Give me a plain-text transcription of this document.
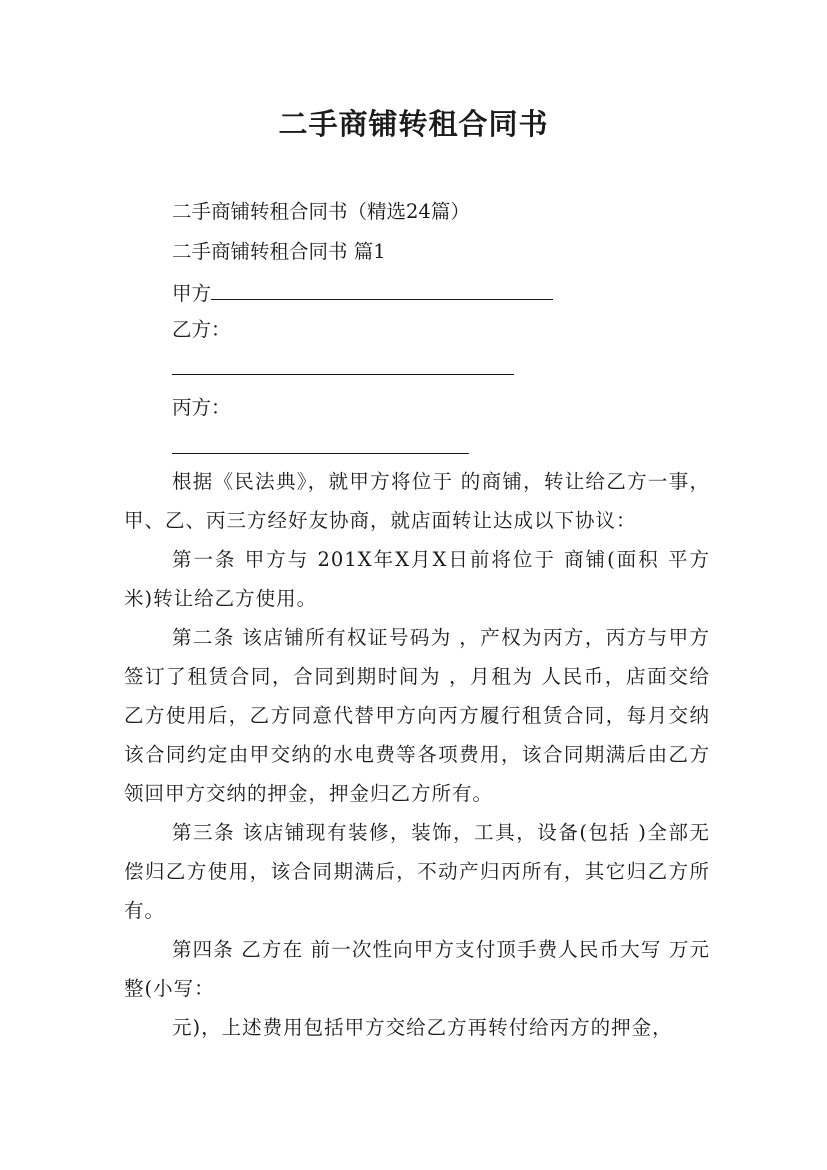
二手商铺转租合同书

二手商铺转租合同书（精选24篇）

二手商铺转租合同书 篇1

甲方

乙方：

丙方：

根据《民法典》，就甲方将位于 的商铺，转让给乙方一事，甲、乙、丙三方经好友协商，就店面转让达成以下协议：

第一条 甲方与 201X年X月X日前将位于 商铺(面积 平方米)转让给乙方使用。

第二条 该店铺所有权证号码为 ，产权为丙方，丙方与甲方签订了租赁合同，合同到期时间为 ，月租为 人民币，店面交给乙方使用后，乙方同意代替甲方向丙方履行租赁合同，每月交纳该合同约定由甲交纳的水电费等各项费用，该合同期满后由乙方领回甲方交纳的押金，押金归乙方所有。

第三条 该店铺现有装修，装饰，工具，设备(包括 )全部无偿归乙方使用，该合同期满后，不动产归丙所有，其它归乙方所有。

第四条 乙方在 前一次性向甲方支付顶手费人民币大写 万元整(小写：

元)，上述费用包括甲方交给乙方再转付给丙方的押金，
